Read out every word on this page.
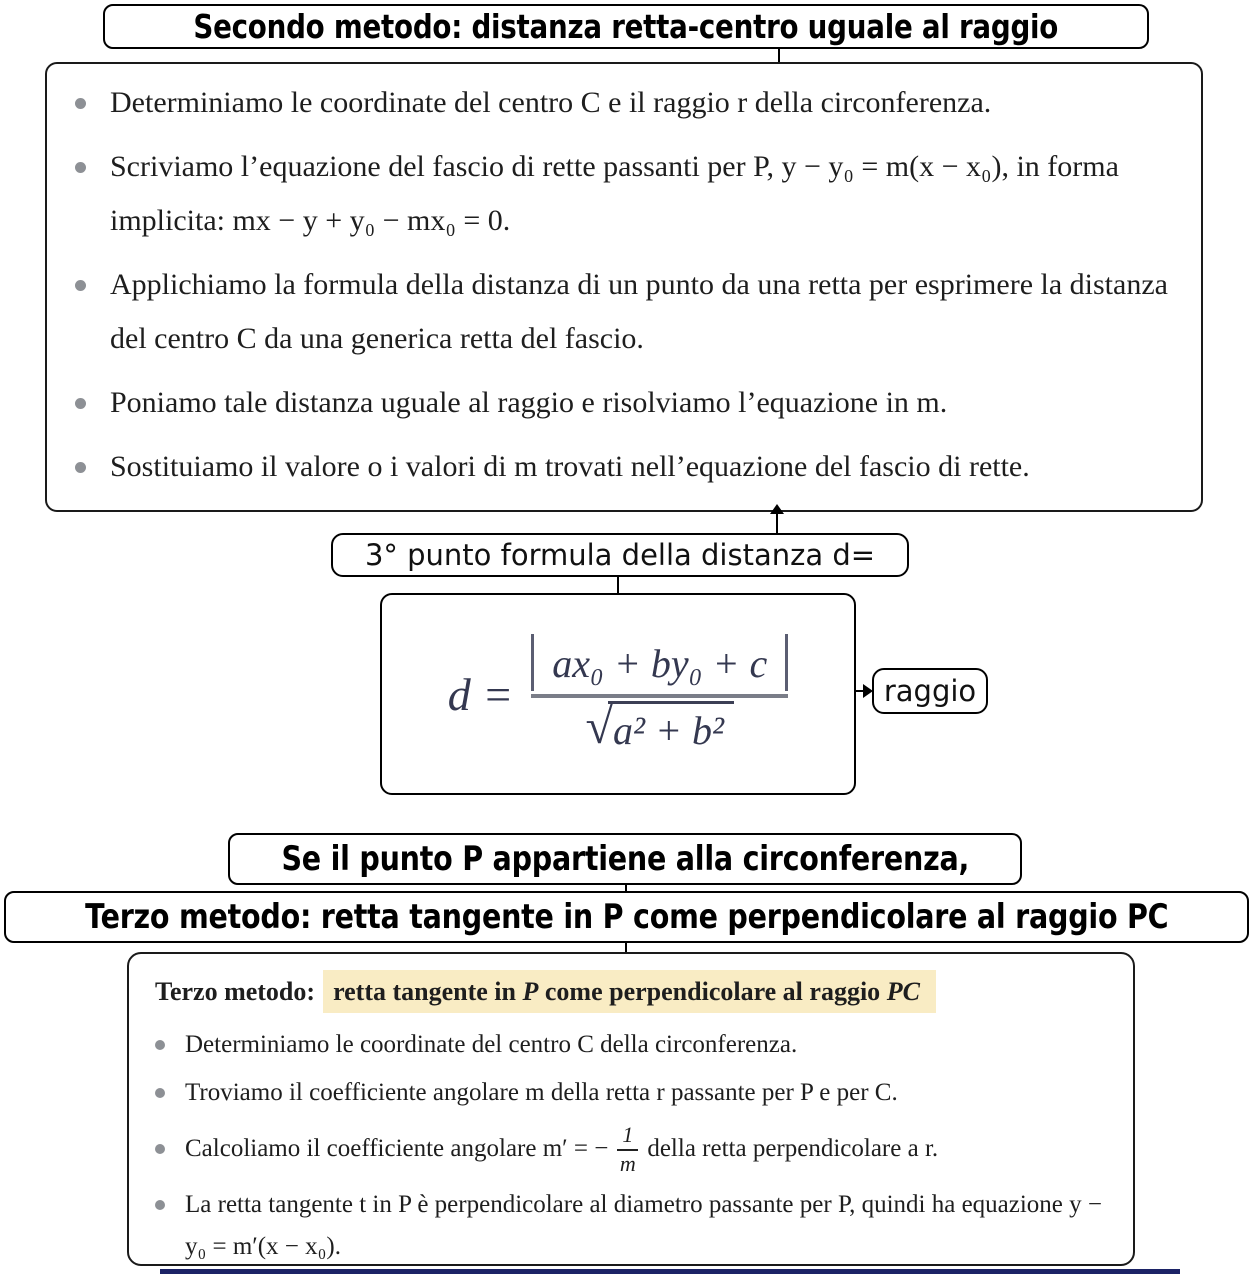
Secondo metodo: distanza retta-centro uguale al raggio
Determiniamo le coordinate del centro C e il raggio r della circonferenza.
Scriviamo l’equazione del fascio di rette passanti per P, y − y₀ = m(x − x₀), in forma implicita: mx − y + y₀ − mx₀ = 0.
Applichiamo la formula della distanza di un punto da una retta per esprimere la distanza del centro C da una generica retta del fascio.
Poniamo tale distanza uguale al raggio e risolviamo l’equazione in m.
Sostituiamo il valore o i valori di m trovati nell’equazione del fascio di rette.
3° punto formula della distanza d=
d =
ax₀ + by₀ + c
√ a² + b²
raggio
Se il punto P appartiene alla circonferenza,
Terzo metodo: retta tangente in P come perpendicolare al raggio PC
Terzo metodo: retta tangente in P come perpendicolare al raggio PC
Determiniamo le coordinate del centro C della circonferenza.
Troviamo il coefficiente angolare m della retta r passante per P e per C.
Calcoliamo il coefficiente angolare m′ = − $\frac{1}{m}$ della retta perpendicolare a r.
La retta tangente t in P è perpendicolare al diametro passante per P, quindi ha equazione y − y₀ = m′(x − x₀).
